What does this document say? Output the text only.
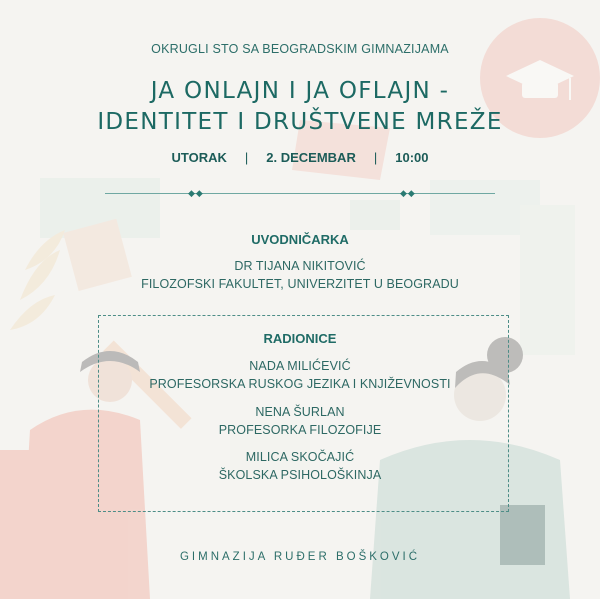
OKRUGLI STO SA BEOGRADSKIM GIMNAZIJAMA
JA ONLAJN I JA OFLAJN -
IDENTITET I DRUŠTVENE MREŽE
UTORAK | 2. DECEMBAR | 10:00
◆◆	◆◆
UVODNIČARKA
DR TIJANA NIKITOVIĆ
FILOZOFSKI FAKULTET, UNIVERZITET U BEOGRADU
RADIONICE
NADA MILIĆEVIĆ
PROFESORSKA RUSKOG JEZIKA I KNJIŽEVNOSTI
NENA ŠURLAN
PROFESORKA FILOZOFIJE
MILICA SKOČAJIĆ
ŠKOLSKA PSIHOLOŠKINJA
GIMNAZIJA RUĐER BOŠKOVIĆ
